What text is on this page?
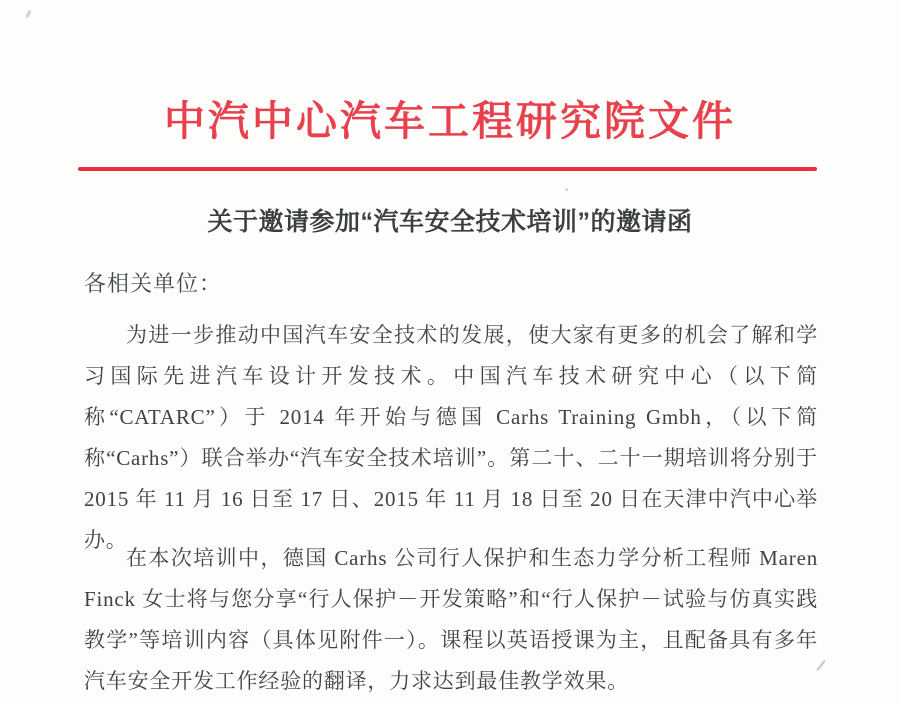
中汽中心汽车工程研究院文件
关于邀请参加“汽车安全技术培训”的邀请函
各相关单位：
为进一步推动中国汽车安全技术的发展，使大家有更多的机会了解和学习国际先进汽车设计开发技术。中国汽车技术研究中心（以下简称“CATARC”）于 2014 年开始与德国 Carhs Training Gmbh，（以下简称“Carhs”）联合举办“汽车安全技术培训”。第二十、二十一期培训将分别于 2015 年 11 月 16 日至 17 日、2015 年 11 月 18 日至 20 日在天津中汽中心举办。
在本次培训中，德国 Carhs 公司行人保护和生态力学分析工程师 Maren Finck 女士将与您分享“行人保护－开发策略”和“行人保护－试验与仿真实践教学”等培训内容（具体见附件一）。课程以英语授课为主，且配备具有多年汽车安全开发工作经验的翻译，力求达到最佳教学效果。
